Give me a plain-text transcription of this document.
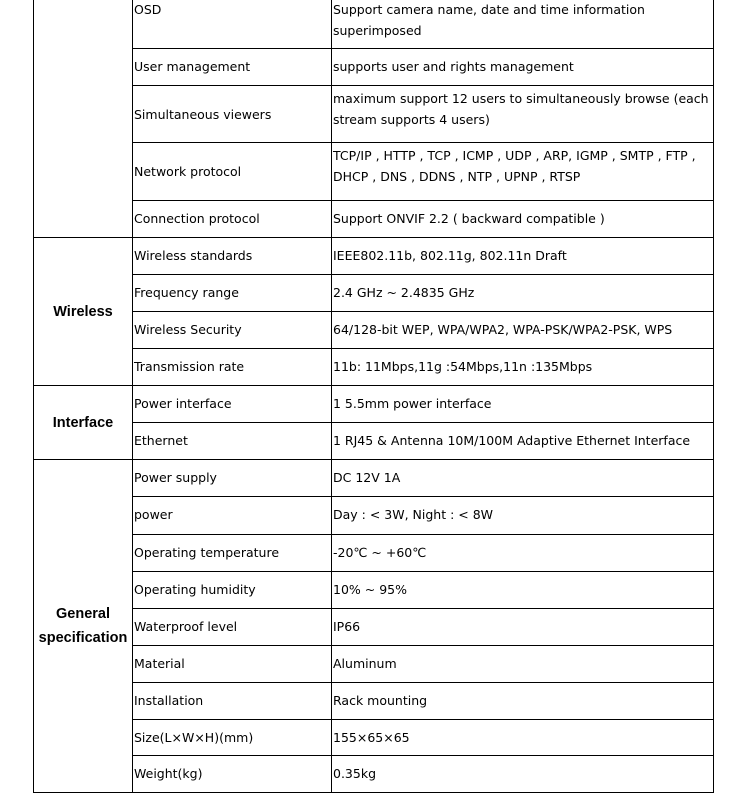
	OSD	Support camera name, date and time information superimposed

	User management	supports user and rights management

	Simultaneous viewers	maximum support 12 users to simultaneously browse (each stream supports 4 users)

	Network protocol	TCP/IP , HTTP , TCP , ICMP , UDP , ARP, IGMP , SMTP , FTP , DHCP , DNS , DDNS , NTP , UPNP , RTSP

	Connection protocol	Support ONVIF 2.2 ( backward compatible )

Wireless	Wireless standards	IEEE802.11b, 802.11g, 802.11n Draft

	Frequency range	2.4 GHz ~ 2.4835 GHz

	Wireless Security	64/128-bit WEP, WPA/WPA2, WPA-PSK/WPA2-PSK, WPS

	Transmission rate	11b: 11Mbps,11g :54Mbps,11n :135Mbps

Interface	Power interface	1 5.5mm power interface

	Ethernet	1 RJ45 & Antenna 10M/100M Adaptive Ethernet Interface

General
specification	Power supply	DC 12V 1A

	power	Day : < 3W, Night : < 8W

	Operating temperature	-20℃ ~ +60℃

	Operating humidity	10% ~ 95%

	Waterproof level	IP66

	Material	Aluminum

	Installation	Rack mounting

	Size(L×W×H)(mm)	155×65×65

	Weight(kg)	0.35kg
